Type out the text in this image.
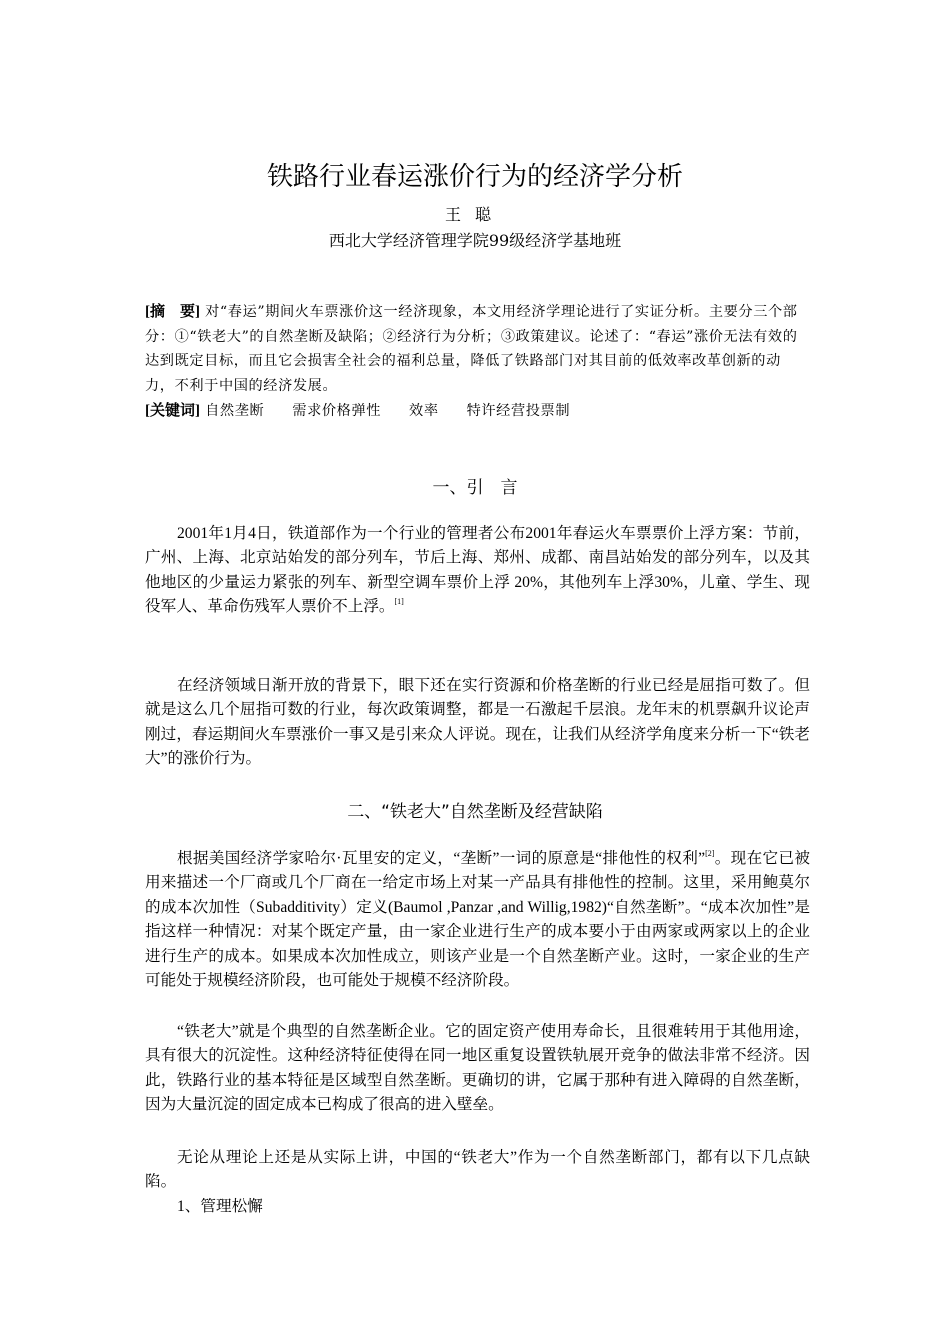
铁路行业春运涨价行为的经济学分析
王聪
西北大学经济管理学院99级经济学基地班
[摘　要] 对“春运”期间火车票涨价这一经济现象，本文用经济学理论进行了实证分析。主要分三个部分：①“铁老大”的自然垄断及缺陷；②经济行为分析；③政策建议。论述了：“春运”涨价无法有效的达到既定目标，而且它会损害全社会的福利总量，降低了铁路部门对其目前的低效率改革创新的动力，不利于中国的经济发展。
[关键词] 自然垄断 需求价格弹性 效率 特许经营投票制
一、引　言
2001年1月4日，铁道部作为一个行业的管理者公布2001年春运火车票票价上浮方案：节前，广州、上海、北京站始发的部分列车，节后上海、郑州、成都、南昌站始发的部分列车，以及其他地区的少量运力紧张的列车、新型空调车票价上浮 20%，其他列车上浮30%，儿童、学生、现役军人、革命伤残军人票价不上浮。[1]
在经济领域日渐开放的背景下，眼下还在实行资源和价格垄断的行业已经是屈指可数了。但就是这么几个屈指可数的行业，每次政策调整，都是一石激起千层浪。龙年末的机票飙升议论声刚过，春运期间火车票涨价一事又是引来众人评说。现在，让我们从经济学角度来分析一下“铁老大”的涨价行为。
二、“铁老大”自然垄断及经营缺陷
根据美国经济学家哈尔·瓦里安的定义，“垄断”一词的原意是“排他性的权利”[2]。现在它已被用来描述一个厂商或几个厂商在一给定市场上对某一产品具有排他性的控制。这里，采用鲍莫尔的成本次加性（Subadditivity）定义(Baumol ,Panzar ,and Willig,1982)“自然垄断”。“成本次加性”是指这样一种情况：对某个既定产量，由一家企业进行生产的成本要小于由两家或两家以上的企业进行生产的成本。如果成本次加性成立，则该产业是一个自然垄断产业。这时，一家企业的生产可能处于规模经济阶段，也可能处于规模不经济阶段。
“铁老大”就是个典型的自然垄断企业。它的固定资产使用寿命长，且很难转用于其他用途，具有很大的沉淀性。这种经济特征使得在同一地区重复设置铁轨展开竞争的做法非常不经济。因此，铁路行业的基本特征是区域型自然垄断。更确切的讲，它属于那种有进入障碍的自然垄断，因为大量沉淀的固定成本已构成了很高的进入壁垒。
无论从理论上还是从实际上讲，中国的“铁老大”作为一个自然垄断部门，都有以下几点缺陷。
1、管理松懈
